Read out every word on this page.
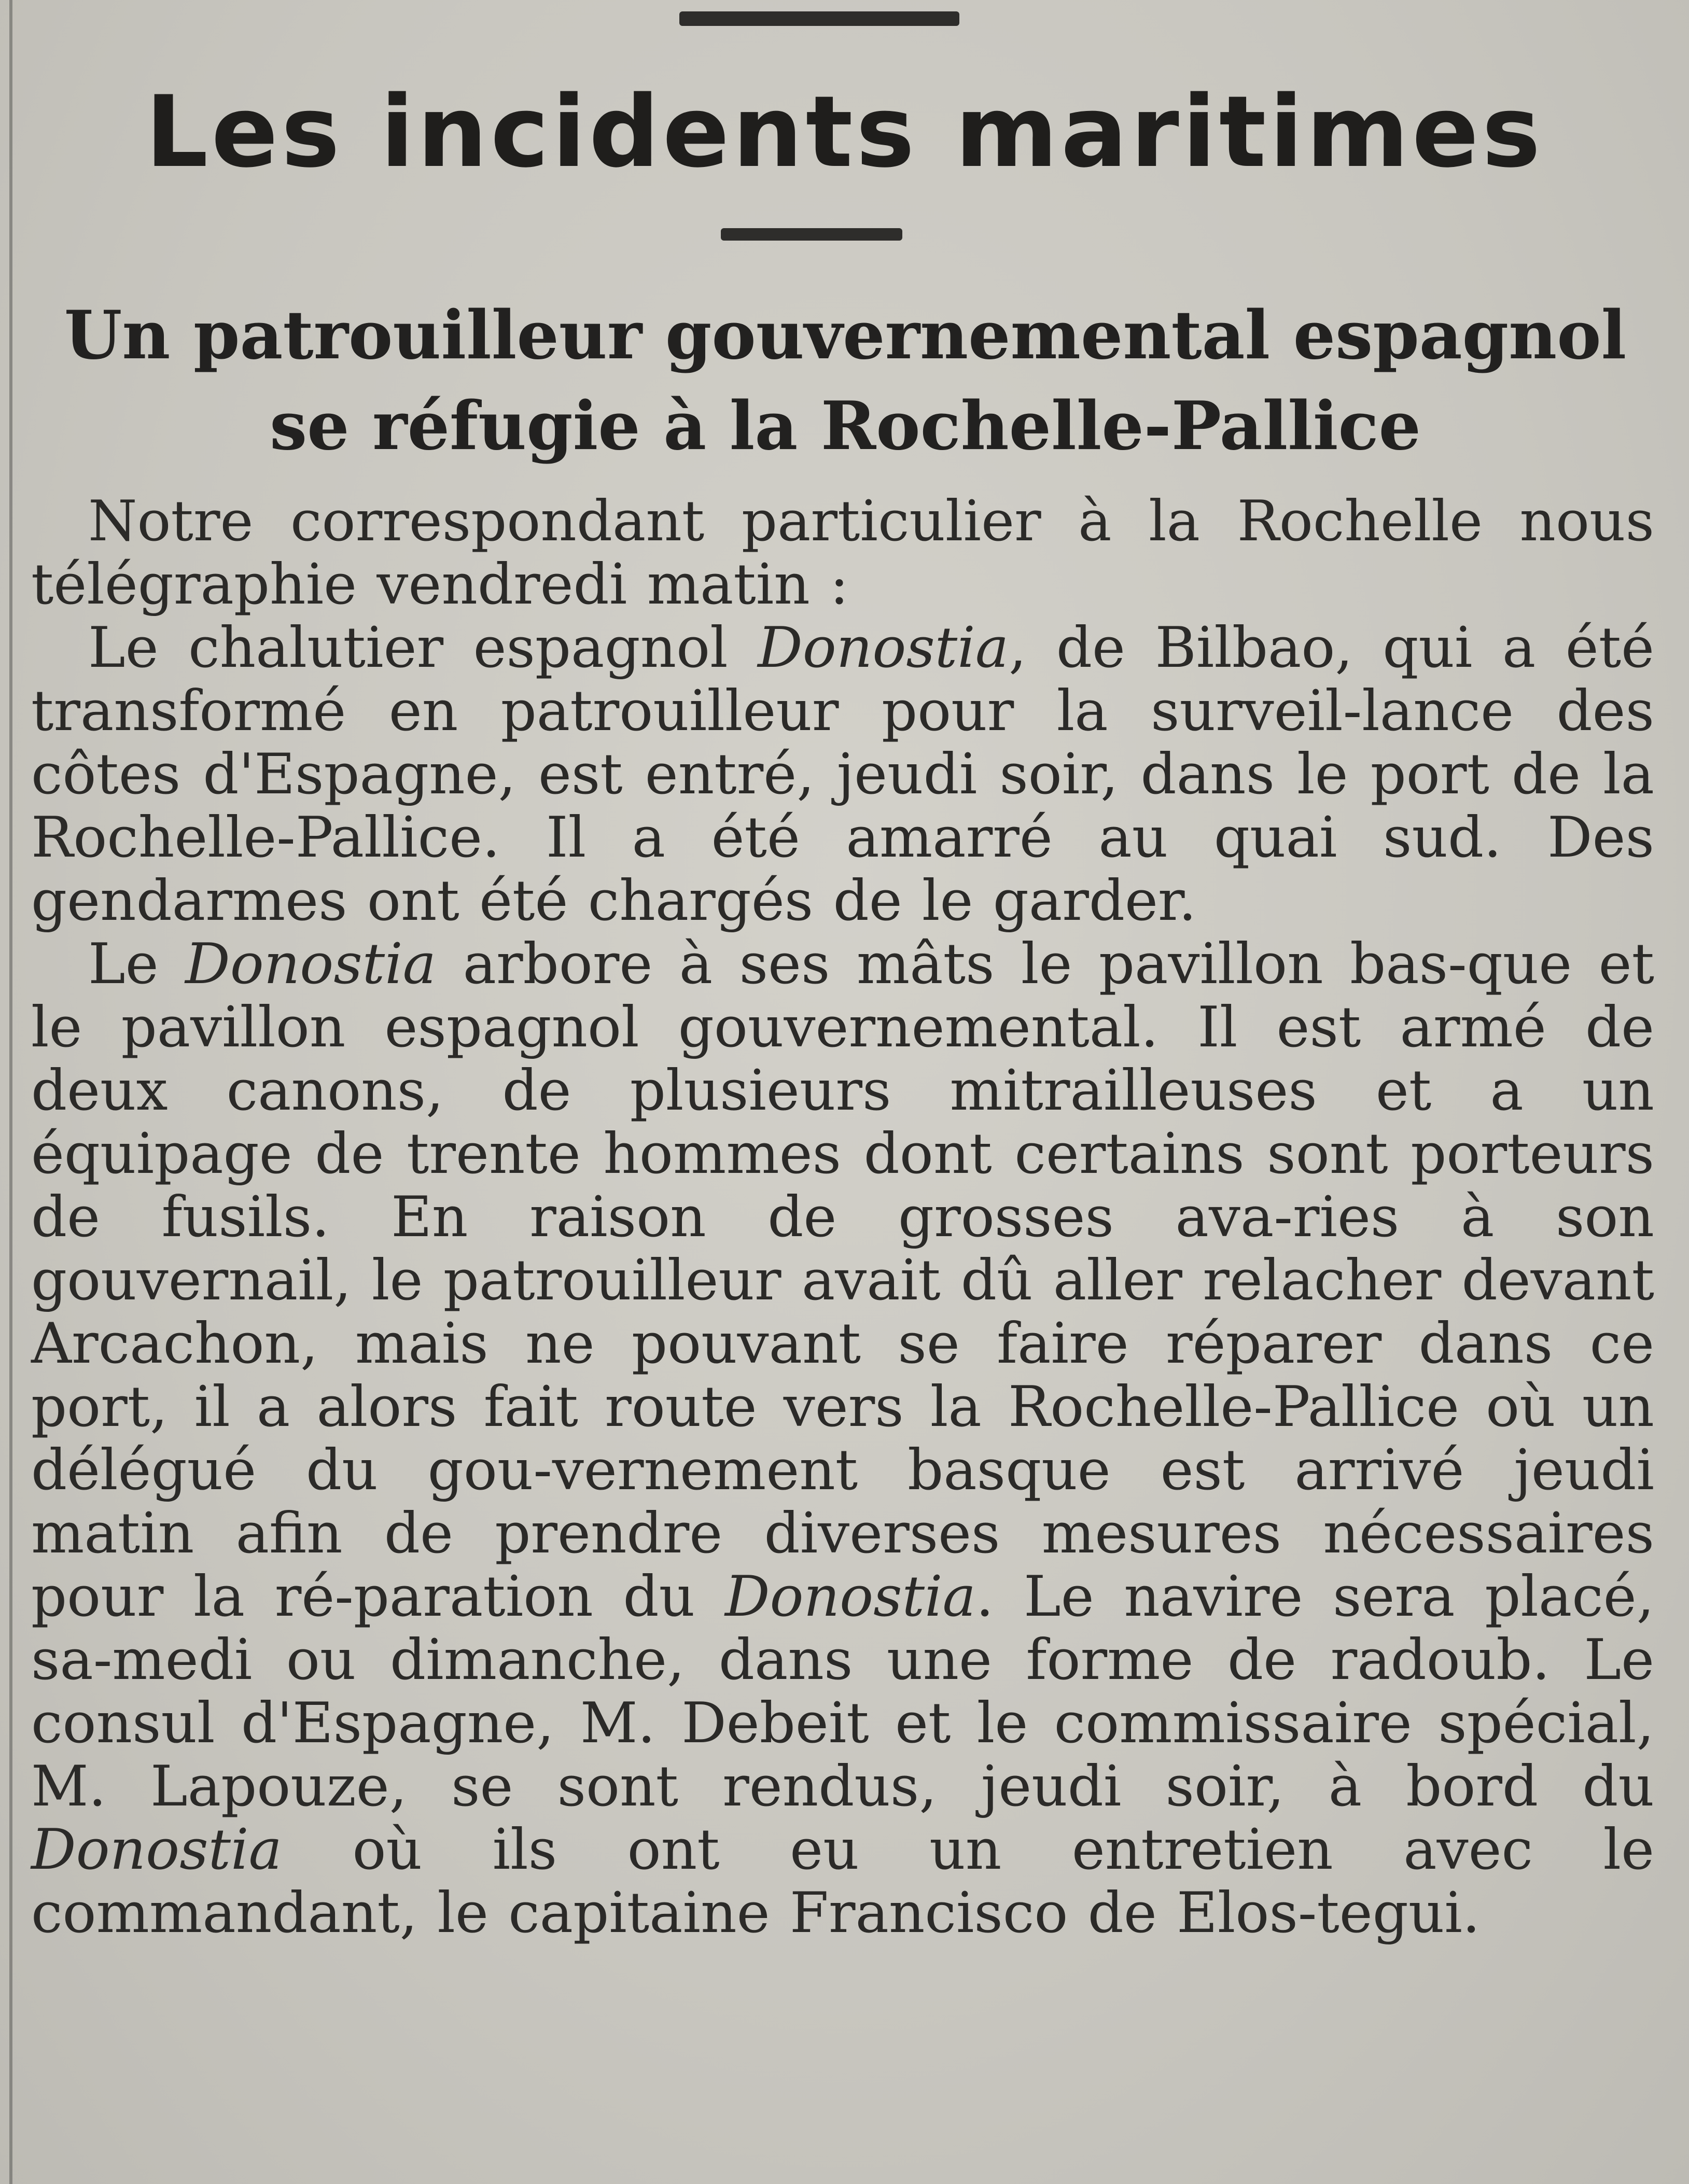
Les incidents maritimes
Un patrouilleur gouvernemental espagnol
se réfugie à la Rochelle-Pallice

Notre correspondant particulier à la Rochelle nous télégraphie vendredi matin :

Le chalutier espagnol Donostia, de Bilbao, qui a été transformé en patrouilleur pour la surveil-lance des côtes d'Espagne, est entré, jeudi soir, dans le port de la Rochelle-Pallice. Il a été amarré au quai sud. Des gendarmes ont été chargés de le garder.

Le Donostia arbore à ses mâts le pavillon bas-que et le pavillon espagnol gouvernemental. Il est armé de deux canons, de plusieurs mitrailleuses et a un équipage de trente hommes dont certains sont porteurs de fusils. En raison de grosses ava-ries à son gouvernail, le patrouilleur avait dû aller relacher devant Arcachon, mais ne pouvant se faire réparer dans ce port, il a alors fait route vers la Rochelle-Pallice où un délégué du gou-vernement basque est arrivé jeudi matin afin de prendre diverses mesures nécessaires pour la ré-paration du Donostia. Le navire sera placé, sa-medi ou dimanche, dans une forme de radoub. Le consul d'Espagne, M. Debeit et le commissaire spécial, M. Lapouze, se sont rendus, jeudi soir, à bord du Donostia où ils ont eu un entretien avec le commandant, le capitaine Francisco de Elos-tegui.
